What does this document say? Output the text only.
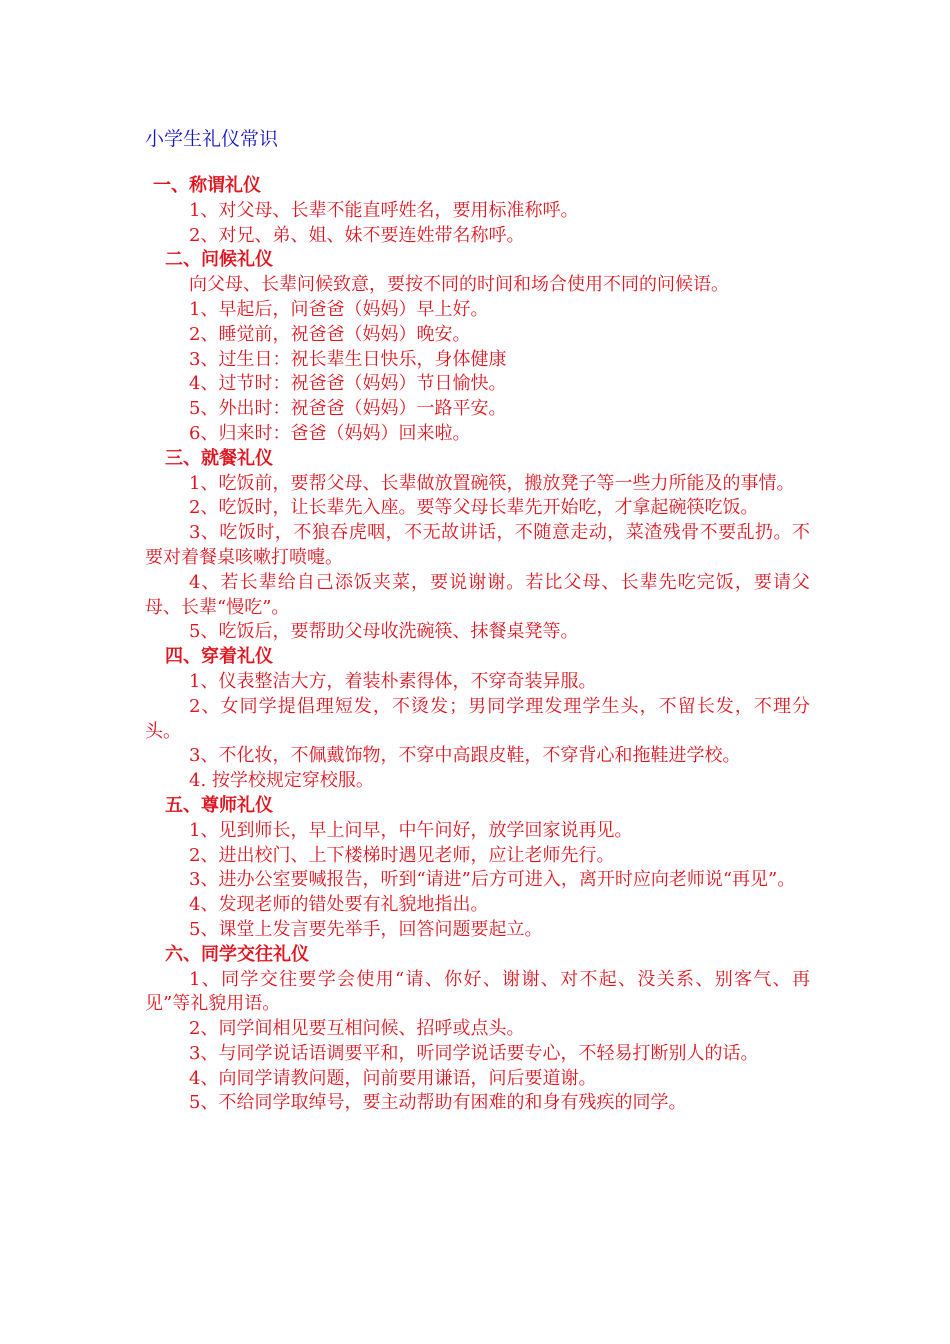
小学生礼仪常识

一、称谓礼仪

1、对父母、长辈不能直呼姓名，要用标准称呼。

2、对兄、弟、姐、妹不要连姓带名称呼。

二、问候礼仪

向父母、长辈问候致意，要按不同的时间和场合使用不同的问候语。

1、早起后，问爸爸（妈妈）早上好。

2、睡觉前，祝爸爸（妈妈）晚安。

3、过生日：祝长辈生日快乐，身体健康

4、过节时：祝爸爸（妈妈）节日愉快。

5、外出时：祝爸爸（妈妈）一路平安。

6、归来时：爸爸（妈妈）回来啦。

三、就餐礼仪

1、吃饭前，要帮父母、长辈做放置碗筷，搬放凳子等一些力所能及的事情。

2、吃饭时，让长辈先入座。要等父母长辈先开始吃，才拿起碗筷吃饭。

3、吃饭时，不狼吞虎咽，不无故讲话，不随意走动，菜渣残骨不要乱扔。不要对着餐桌咳嗽打喷嚏。

4、若长辈给自己添饭夹菜，要说谢谢。若比父母、长辈先吃完饭，要请父母、长辈“慢吃”。

5、吃饭后，要帮助父母收洗碗筷、抹餐桌凳等。

四、穿着礼仪

1、仪表整洁大方，着装朴素得体，不穿奇装异服。

2、女同学提倡理短发，不烫发；男同学理发理学生头，不留长发，不理分头。

3、不化妆，不佩戴饰物，不穿中高跟皮鞋，不穿背心和拖鞋进学校。

4. 按学校规定穿校服。

五、尊师礼仪

1、见到师长，早上问早，中午问好，放学回家说再见。

2、进出校门、上下楼梯时遇见老师，应让老师先行。

3、进办公室要喊报告，听到“请进”后方可进入，离开时应向老师说“再见”。

4、发现老师的错处要有礼貌地指出。

5、课堂上发言要先举手，回答问题要起立。

六、同学交往礼仪

1、同学交往要学会使用“请、你好、谢谢、对不起、没关系、别客气、再见”等礼貌用语。

2、同学间相见要互相问候、招呼或点头。

3、与同学说话语调要平和，听同学说话要专心，不轻易打断别人的话。

4、向同学请教问题，问前要用谦语，问后要道谢。

5、不给同学取绰号，要主动帮助有困难的和身有残疾的同学。
